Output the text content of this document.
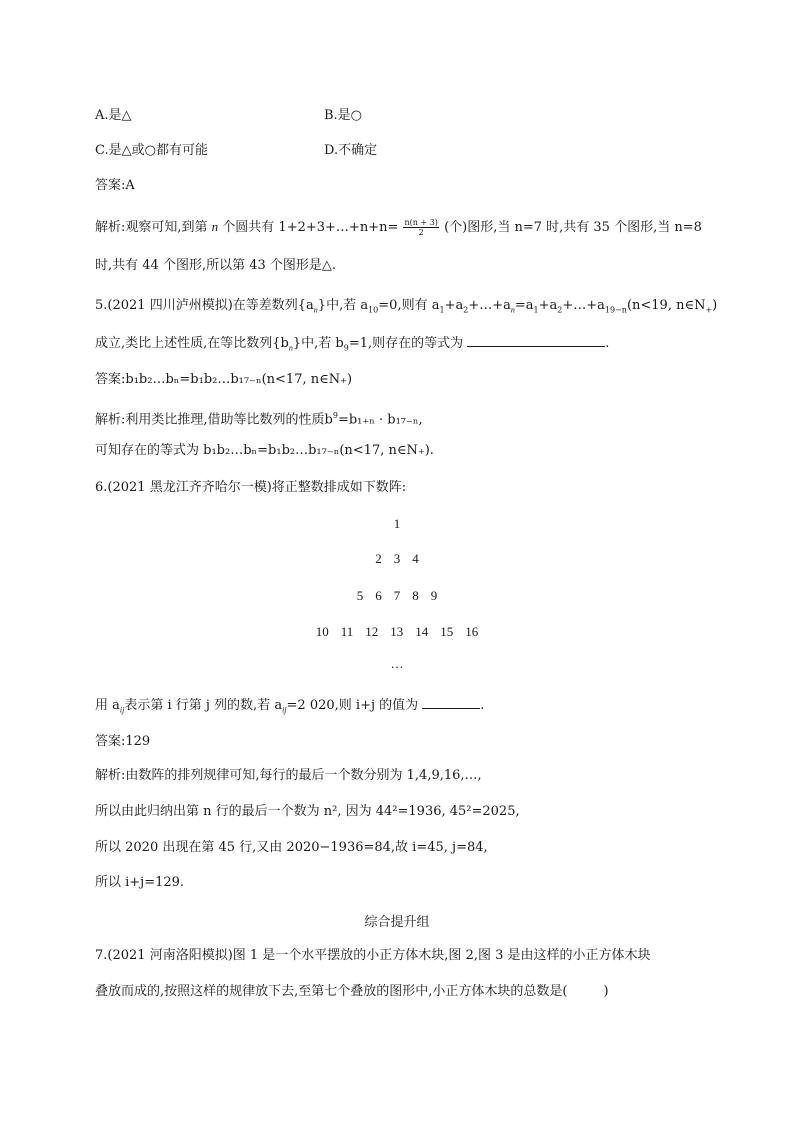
A.是△	B.是○
C.是△或○都有可能	D.不确定
答案:A
解析:观察可知,到第 n 个圆共有 1+2+3+…+n+n= $\frac{n(n + 3)}{2}$ (个)图形,当 n=7 时,共有 35 个图形,当 n=8
时,共有 44 个图形,所以第 43 个图形是△.
5.(2021 四川泸州模拟)在等差数列$\{a_n\}$中,若 $a_{10}=0$,则有 $a_1+a_2+\dots+a_n=a_1+a_2+\dots+a_{19-n}(n<19$, $n\in N_+$)
成立,类比上述性质,在等比数列$\{b_n\}$中,若 $b_9=1$,则存在的等式为	.
答案:b₁b₂…bₙ=b₁b₂…b₁₇₋ₙ(n<17, n∈N₊)
解析:利用类比推理,借助等比数列的性质$b^9=b_{1+n} \cdot b_{17-n}$,
可知存在的等式为 b₁b₂…bₙ=b₁b₂…b₁₇₋ₙ(n<17, n∈N₊).
6.(2021 黑龙江齐齐哈尔一模)将正整数排成如下数阵:
1
2 3 4
5 6 7 8 9
10 11 12 13 14 15 16
…
用 $a_{ij}$表示第 i 行第 j 列的数,若 $a_{ij}=2$ 020,则 i+j 的值为	.
答案:129
解析:由数阵的排列规律可知,每行的最后一个数分别为 1,4,9,16,…,
所以由此归纳出第 n 行的最后一个数为 n², 因为 44²=1936, 45²=2025,
所以 2020 出现在第 45 行,又由 2020−1936=84,故 i=45, j=84,
所以 i+j=129.
综合提升组
7.(2021 河南洛阳模拟)图 1 是一个水平摆放的小正方体木块,图 2,图 3 是由这样的小正方体木块
叠放而成的,按照这样的规律放下去,至第七个叠放的图形中,小正方体木块的总数是(	)
